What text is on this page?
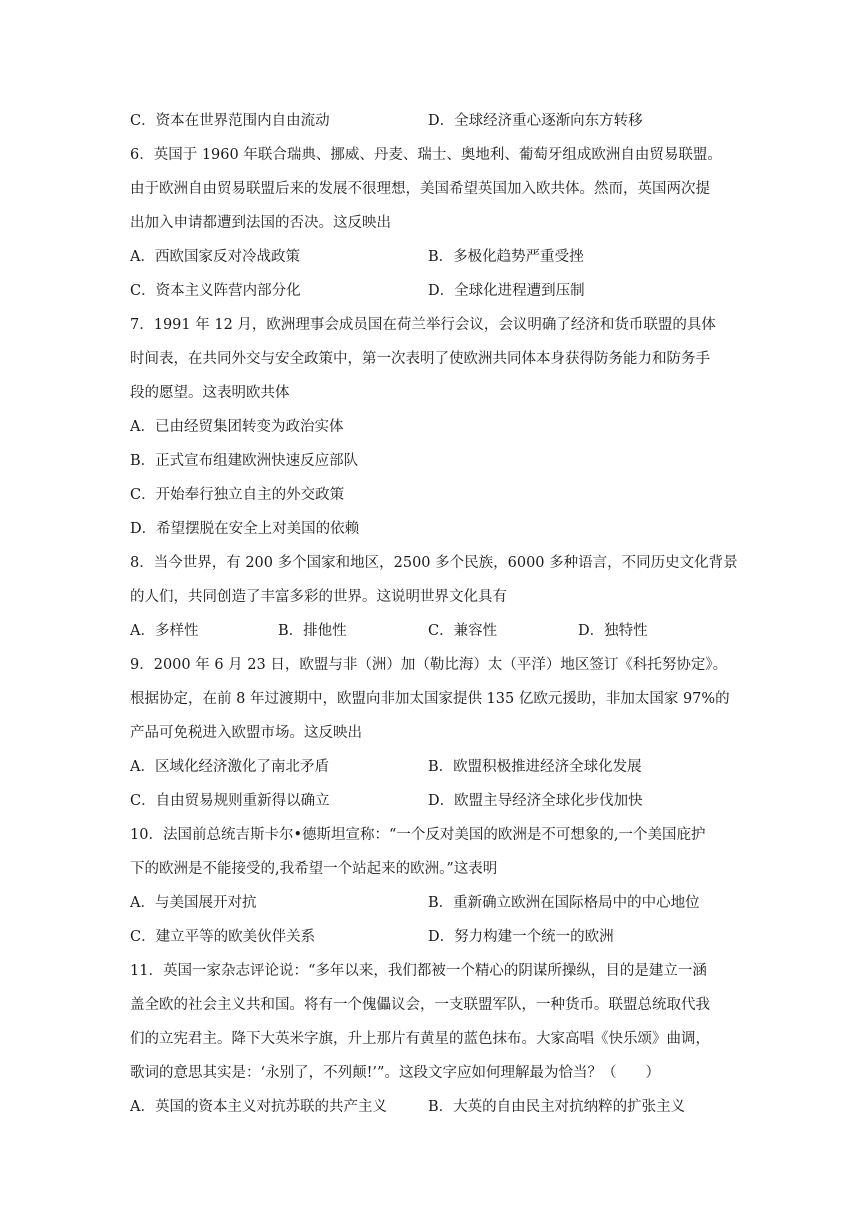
C．资本在世界范围内自由流动	D．全球经济重心逐渐向东方转移
6．英国于 1960 年联合瑞典、挪威、丹麦、瑞士、奥地利、葡萄牙组成欧洲自由贸易联盟。
由于欧洲自由贸易联盟后来的发展不很理想，美国希望英国加入欧共体。然而，英国两次提
出加入申请都遭到法国的否决。这反映出
A．西欧国家反对冷战政策	B．多极化趋势严重受挫
C．资本主义阵营内部分化	D．全球化进程遭到压制
7．1991 年 12 月，欧洲理事会成员国在荷兰举行会议，会议明确了经济和货币联盟的具体
时间表，在共同外交与安全政策中，第一次表明了使欧洲共同体本身获得防务能力和防务手
段的愿望。这表明欧共体
A．已由经贸集团转变为政治实体
B．正式宣布组建欧洲快速反应部队
C．开始奉行独立自主的外交政策
D．希望摆脱在安全上对美国的依赖
8．当今世界，有 200 多个国家和地区，2500 多个民族，6000 多种语言，不同历史文化背景
的人们，共同创造了丰富多彩的世界。这说明世界文化具有
A．多样性	B．排他性	C．兼容性	D．独特性
9．2000 年 6 月 23 日，欧盟与非（洲）加（勒比海）太（平洋）地区签订《科托努协定》。
根据协定，在前 8 年过渡期中，欧盟向非加太国家提供 135 亿欧元援助，非加太国家 97%的
产品可免税进入欧盟市场。这反映出
A．区域化经济激化了南北矛盾	B．欧盟积极推进经济全球化发展
C．自由贸易规则重新得以确立	D．欧盟主导经济全球化步伐加快
10．法国前总统吉斯卡尔•德斯坦宣称：“一个反对美国的欧洲是不可想象的,一个美国庇护
下的欧洲是不能接受的,我希望一个站起来的欧洲。”这表明
A．与美国展开对抗	B．重新确立欧洲在国际格局中的中心地位
C．建立平等的欧美伙伴关系	D．努力构建一个统一的欧洲
11．英国一家杂志评论说：“多年以来，我们都被一个精心的阴谋所操纵，目的是建立一涵
盖全欧的社会主义共和国。将有一个傀儡议会，一支联盟军队，一种货币。联盟总统取代我
们的立宪君主。降下大英米字旗，升上那片有黄星的蓝色抹布。大家高唱《快乐颂》曲调，
歌词的意思其实是：‘永别了，不列颠!’”。这段文字应如何理解最为恰当？（　　）
A．英国的资本主义对抗苏联的共产主义	B．大英的自由民主对抗纳粹的扩张主义
